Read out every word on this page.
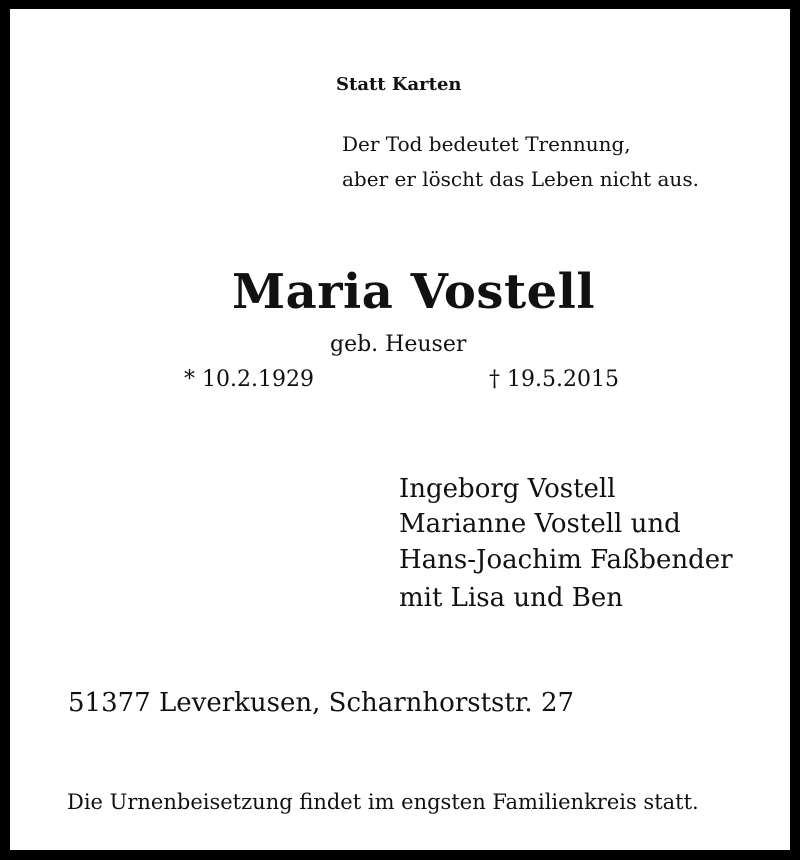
Statt Karten
Der Tod bedeutet Trennung,
aber er löscht das Leben nicht aus.
Maria Vostell
geb. Heuser
* 10.2.1929	† 19.5.2015
Ingeborg Vostell
Marianne Vostell und
Hans-Joachim Faßbender
mit Lisa und Ben
51377 Leverkusen, Scharnhorststr. 27
Die Urnenbeisetzung findet im engsten Familienkreis statt.
